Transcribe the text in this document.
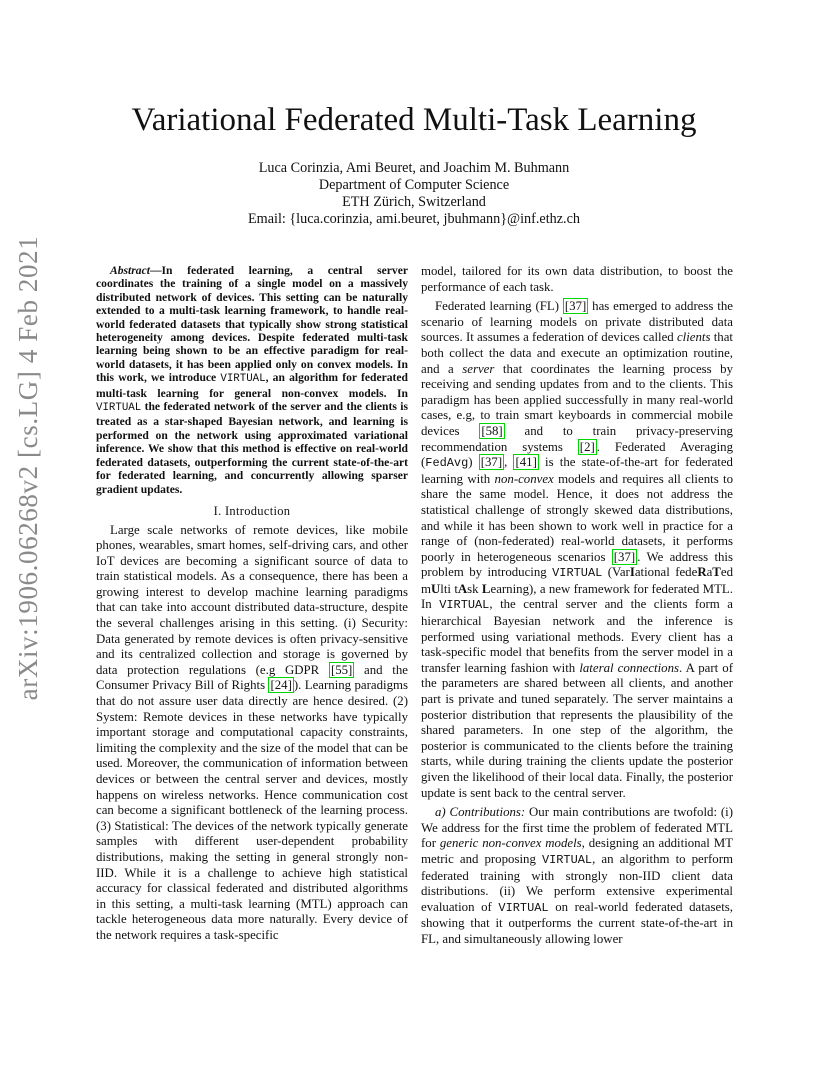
arXiv:1906.06268v2 [cs.LG] 4 Feb 2021
Variational Federated Multi-Task Learning
Luca Corinzia, Ami Beuret, and Joachim M. Buhmann
Department of Computer Science
ETH Zürich, Switzerland
Email: {luca.corinzia, ami.beuret, jbuhmann}@inf.ethz.ch

Abstract—In federated learning, a central server coordinates the training of a single model on a massively distributed network of devices. This setting can be naturally extended to a multi-task learning framework, to handle real-world federated datasets that typically show strong statistical heterogeneity among devices. Despite federated multi-task learning being shown to be an effective paradigm for real-world datasets, it has been applied only on convex models. In this work, we introduce VIRTUAL, an algorithm for federated multi-task learning for general non-convex models. In VIRTUAL the federated network of the server and the clients is treated as a star-shaped Bayesian network, and learning is performed on the network using approximated variational inference. We show that this method is effective on real-world federated datasets, outperforming the current state-of-the-art for federated learning, and concurrently allowing sparser gradient updates.

I. Introduction

Large scale networks of remote devices, like mobile phones, wearables, smart homes, self-driving cars, and other IoT devices are becoming a significant source of data to train statistical models. As a consequence, there has been a growing interest to develop machine learning paradigms that can take into account distributed data-structure, despite the several challenges arising in this setting. (i) Security: Data generated by remote devices is often privacy-sensitive and its centralized collection and storage is governed by data protection regulations (e.g GDPR [55] and the Consumer Privacy Bill of Rights [24] ). Learning paradigms that do not assure user data directly are hence desired. (2) System: Remote devices in these networks have typically important storage and computational capacity constraints, limiting the complexity and the size of the model that can be used. Moreover, the communication of information between devices or between the central server and devices, mostly happens on wireless networks. Hence communication cost can become a significant bottleneck of the learning process. (3) Statistical: The devices of the network typically generate samples with different user-dependent probability distributions, making the setting in general strongly non-IID. While it is a challenge to achieve high statistical accuracy for classical federated and distributed algorithms in this setting, a multi-task learning (MTL) approach can tackle heterogeneous data more naturally. Every device of the network requires a task-specific

model, tailored for its own data distribution, to boost the performance of each task.

Federated learning (FL) [37] has emerged to address the scenario of learning models on private distributed data sources. It assumes a federation of devices called clients that both collect the data and execute an optimization routine, and a server that coordinates the learning process by receiving and sending updates from and to the clients. This paradigm has been applied successfully in many real-world cases, e.g, to train smart keyboards in commercial mobile devices [58] and to train privacy-preserving recommendation systems [2] . Federated Averaging (FedAvg) [37] , [41] is the state-of-the-art for federated learning with non-convex models and requires all clients to share the same model. Hence, it does not address the statistical challenge of strongly skewed data distributions, and while it has been shown to work well in practice for a range of (non-federated) real-world datasets, it performs poorly in heterogeneous scenarios [37] . We address this problem by introducing VIRTUAL (VarIational fedeRaTed mUlti tAsk Learning), a new framework for federated MTL. In VIRTUAL, the central server and the clients form a hierarchical Bayesian network and the inference is performed using variational methods. Every client has a task-specific model that benefits from the server model in a transfer learning fashion with lateral connections. A part of the parameters are shared between all clients, and another part is private and tuned separately. The server maintains a posterior distribution that represents the plausibility of the shared parameters. In one step of the algorithm, the posterior is communicated to the clients before the training starts, while during training the clients update the posterior given the likelihood of their local data. Finally, the posterior update is sent back to the central server.

a) Contributions: Our main contributions are twofold: (i) We address for the first time the problem of federated MTL for generic non-convex models, designing an additional MT metric and proposing VIRTUAL, an algorithm to perform federated training with strongly non-IID client data distributions. (ii) We perform extensive experimental evaluation of VIRTUAL on real-world federated datasets, showing that it outperforms the current state-of-the-art in FL, and simultaneously allowing lower
